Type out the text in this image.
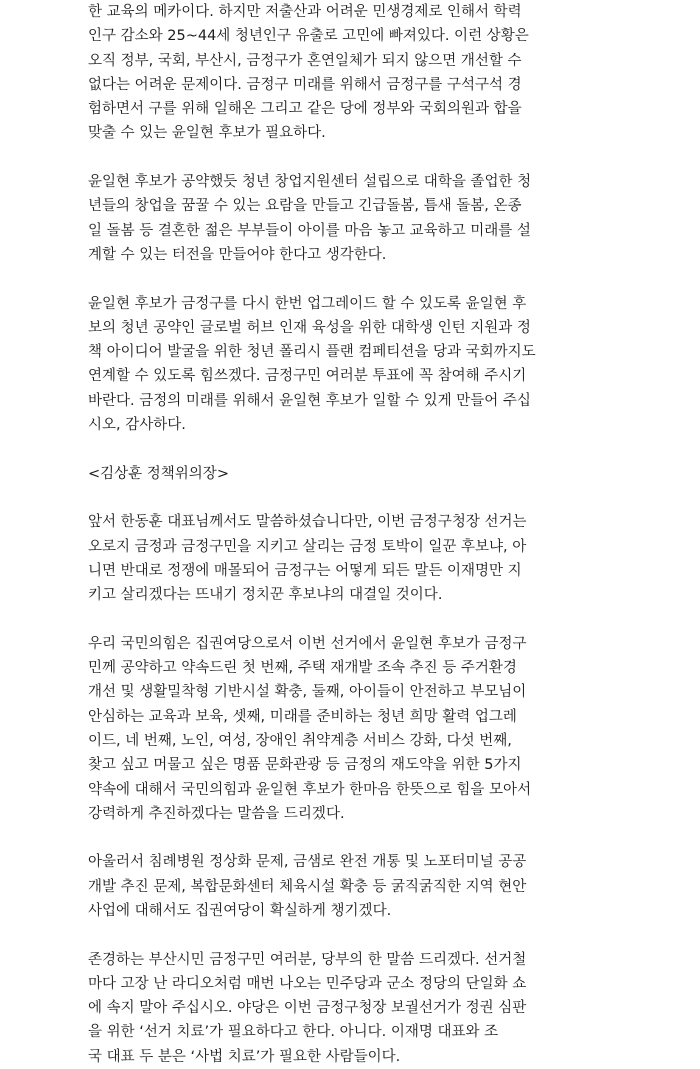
한 교육의 메카이다. 하지만 저출산과 어려운 민생경제로 인해서 학력
인구 감소와 25~44세 청년인구 유출로 고민에 빠져있다. 이런 상황은
오직 정부, 국회, 부산시, 금정구가 혼연일체가 되지 않으면 개선할 수
없다는 어려운 문제이다. 금정구 미래를 위해서 금정구를 구석구석 경
험하면서 구를 위해 일해온 그리고 같은 당에 정부와 국회의원과 합을
맞출 수 있는 윤일현 후보가 필요하다.
윤일현 후보가 공약했듯 청년 창업지원센터 설립으로 대학을 졸업한 청
년들의 창업을 꿈꿀 수 있는 요람을 만들고 긴급돌봄, 틈새 돌봄, 온종
일 돌봄 등 결혼한 젊은 부부들이 아이를 마음 놓고 교육하고 미래를 설
계할 수 있는 터전을 만들어야 한다고 생각한다.
윤일현 후보가 금정구를 다시 한번 업그레이드 할 수 있도록 윤일현 후
보의 청년 공약인 글로벌 허브 인재 육성을 위한 대학생 인턴 지원과 정
책 아이디어 발굴을 위한 청년 폴리시 플랜 컴페티션을 당과 국회까지도
연계할 수 있도록 힘쓰겠다. 금정구민 여러분 투표에 꼭 참여해 주시기
바란다. 금정의 미래를 위해서 윤일현 후보가 일할 수 있게 만들어 주십
시오, 감사하다.
<김상훈 정책위의장>
앞서 한동훈 대표님께서도 말씀하셨습니다만, 이번 금정구청장 선거는
오로지 금정과 금정구민을 지키고 살리는 금정 토박이 일꾼 후보냐, 아
니면 반대로 정쟁에 매몰되어 금정구는 어떻게 되든 말든 이재명만 지
키고 살리겠다는 뜨내기 정치꾼 후보냐의 대결일 것이다.
우리 국민의힘은 집권여당으로서 이번 선거에서 윤일현 후보가 금정구
민께 공약하고 약속드린 첫 번째, 주택 재개발 조속 추진 등 주거환경
개선 및 생활밀착형 기반시설 확충, 둘째, 아이들이 안전하고 부모님이
안심하는 교육과 보육, 셋째, 미래를 준비하는 청년 희망 활력 업그레
이드, 네 번째, 노인, 여성, 장애인 취약계층 서비스 강화, 다섯 번째,
찾고 싶고 머물고 싶은 명품 문화관광 등 금정의 재도약을 위한 5가지
약속에 대해서 국민의힘과 윤일현 후보가 한마음 한뜻으로 힘을 모아서
강력하게 추진하겠다는 말씀을 드리겠다.
아울러서 침례병원 정상화 문제, 금샘로 완전 개통 및 노포터미널 공공
개발 추진 문제, 복합문화센터 체육시설 확충 등 굵직굵직한 지역 현안
사업에 대해서도 집권여당이 확실하게 챙기겠다.
존경하는 부산시민 금정구민 여러분, 당부의 한 말씀 드리겠다. 선거철
마다 고장 난 라디오처럼 매번 나오는 민주당과 군소 정당의 단일화 쇼
에 속지 말아 주십시오. 야당은 이번 금정구청장 보궐선거가 정권 심판
을 위한 ‘선거 치료’가 필요하다고 한다. 아니다. 이재명 대표와 조
국 대표 두 분은 ‘사법 치료’가 필요한 사람들이다.
